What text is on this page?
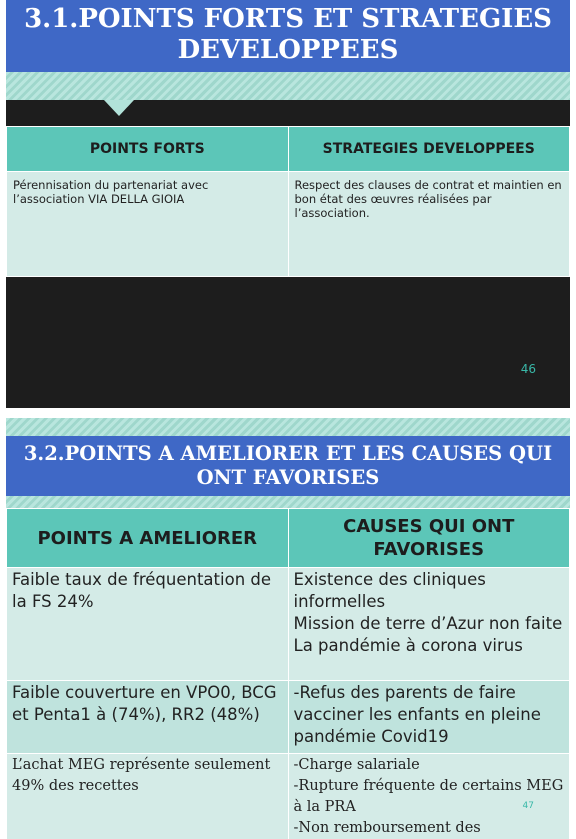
3.1.POINTS FORTS ET STRATEGIES DEVELOPPEES
POINTS FORTS	STRATEGIES DEVELOPPEES
Pérennisation du partenariat avec l’association VIA DELLA GIOIA	Respect des clauses de contrat et maintien en bon état des œuvres réalisées par l’association.
46
3.2.POINTS A AMELIORER ET LES CAUSES QUI ONT FAVORISES
POINTS A AMELIORER	CAUSES QUI ONT FAVORISES
Faible taux de fréquentation de la FS 24%	Existence des cliniques informelles
Mission de terre d’Azur non faite
La pandémie à corona virus

Faible couverture en VPO0, BCG et Penta1 à (74%), RR2 (48%)	-Refus des parents de faire vacciner les enfants en pleine pandémie Covid19

L’achat MEG représente seulement 49% des recettes	-Charge salariale
-Rupture fréquente de certains MEG à la PRA
-Non remboursement des
47
